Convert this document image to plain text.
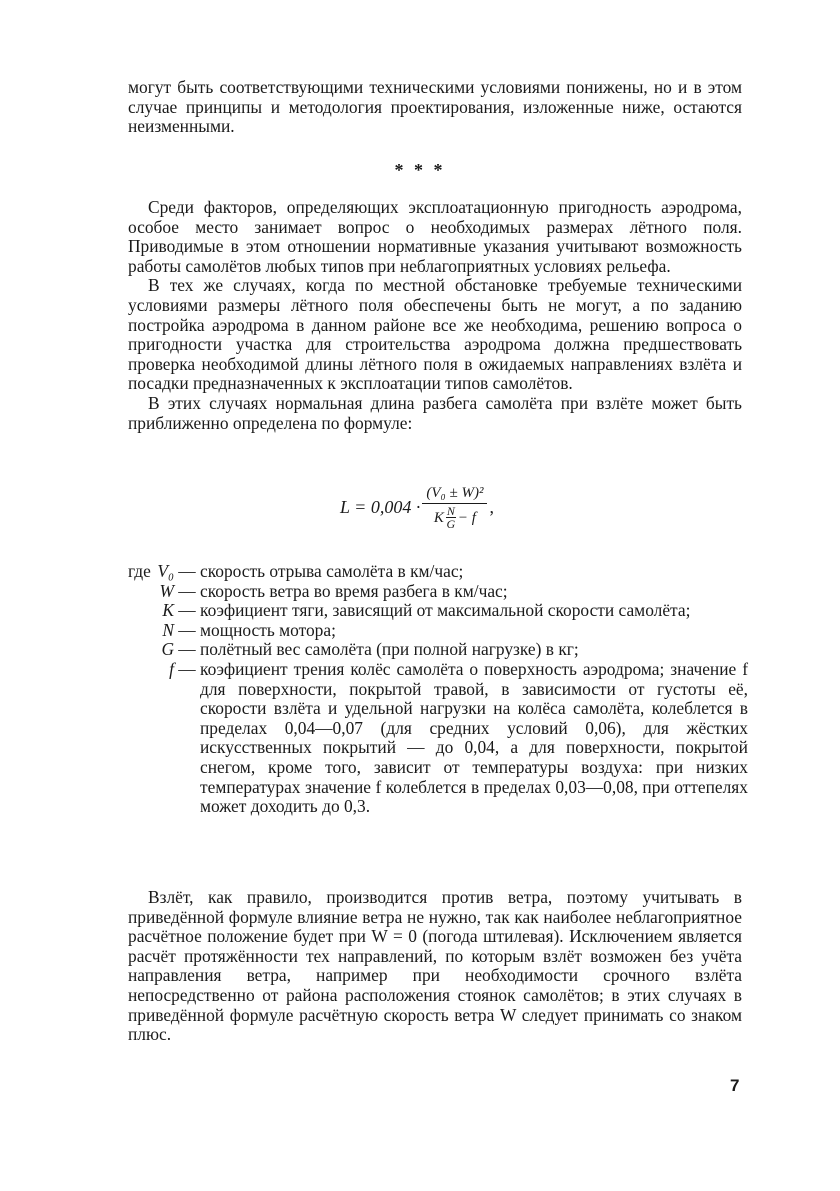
могут быть соответствующими техническими условиями понижены, но и в этом случае принципы и методология проектирования, изложенные ниже, остаются неизменными.

* * *

Среди факторов, определяющих эксплоатационную пригодность аэродрома, особое место занимает вопрос о необходимых размерах лётного поля. Приводимые в этом отношении нормативные указания учитывают возможность работы самолётов любых типов при неблагоприятных условиях рельефа.

В тех же случаях, когда по местной обстановке требуемые техническими условиями размеры лётного поля обеспечены быть не могут, а по заданию постройка аэродрома в данном районе все же необходима, решению вопроса о пригодности участка для строительства аэродрома должна предшествовать проверка необходимой длины лётного поля в ожидаемых направлениях взлёта и посадки предназначенных к эксплоатации типов самолётов.

В этих случаях нормальная длина разбега самолёта при взлёте может быть приближенно определена по формуле:

$L = 0,004 \cdot \frac{\text{(V₀ ± W)²}}{K \frac{N}{G} - f}$ ,
где V₀ — скорость отрыва самолёта в км/час;
W — скорость ветра во время разбега в км/час;
K — коэфициент тяги, зависящий от максимальной скорости самолёта;
N — мощность мотора;
G — полётный вес самолёта (при полной нагрузке) в кг;
f — коэфициент трения колёс самолёта о поверхность аэродрома; значение f для поверхности, покрытой травой, в зависимости от густоты её, скорости взлёта и удельной нагрузки на колёса самолёта, колеблется в пределах 0,04—0,07 (для средних условий 0,06), для жёстких искусственных покрытий — до 0,04, а для поверхности, покрытой снегом, кроме того, зависит от температуры воздуха: при низких температурах значение f колеблется в пределах 0,03—0,08, при оттепелях может доходить до 0,3.

Взлёт, как правило, производится против ветра, поэтому учитывать в приведённой формуле влияние ветра не нужно, так как наиболее неблагоприятное расчётное положение будет при W = 0 (погода штилевая). Исключением является расчёт протяжённости тех направлений, по которым взлёт возможен без учёта направления ветра, например при необходимости срочного взлёта непосредственно от района расположения стоянок самолётов; в этих случаях в приведённой формуле расчётную скорость ветра W следует принимать со знаком плюс.

7
